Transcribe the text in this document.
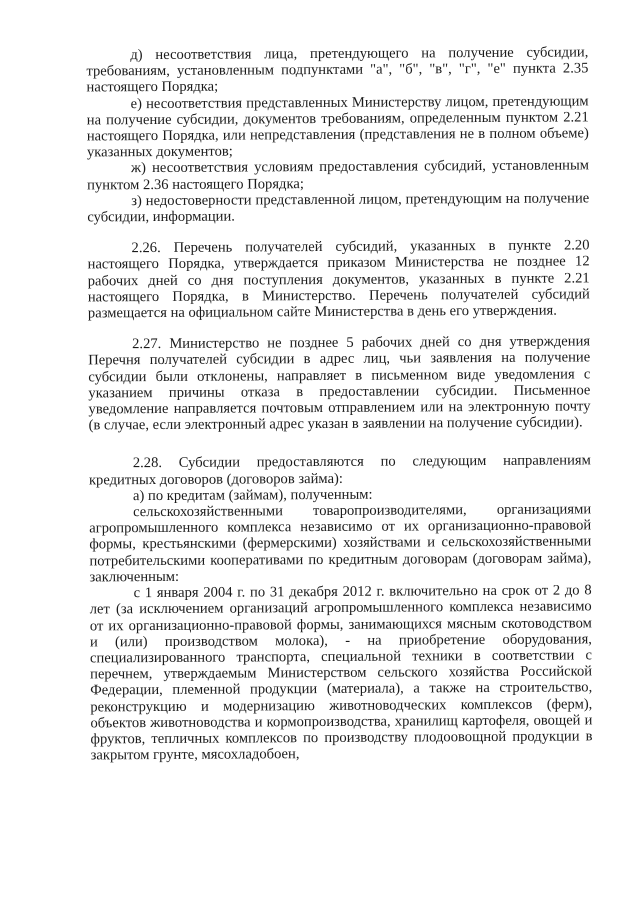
д) несоответствия лица, претендующего на получение субсидии, требованиям, установленным подпунктами "а", "б", "в", "г", "е" пункта 2.35 настоящего Порядка;

е) несоответствия представленных Министерству лицом, претендующим на получение субсидии, документов требованиям, определенным пунктом 2.21 настоящего Порядка, или непредставления (представления не в полном объеме) указанных документов;

ж) несоответствия условиям предоставления субсидий, установленным пунктом 2.36 настоящего Порядка;

з) недостоверности представленной лицом, претендующим на получение субсидии, информации.

2.26. Перечень получателей субсидий, указанных в пункте 2.20 настоящего Порядка, утверждается приказом Министерства не позднее 12 рабочих дней со дня поступления документов, указанных в пункте 2.21 настоящего Порядка, в Министерство. Перечень получателей субсидий размещается на официальном сайте Министерства в день его утверждения.

2.27. Министерство не позднее 5 рабочих дней со дня утверждения Перечня получателей субсидии в адрес лиц, чьи заявления на получение субсидии были отклонены, направляет в письменном виде уведомления с указанием причины отказа в предоставлении субсидии. Письменное уведомление направляется почтовым отправлением или на электронную почту (в случае, если электронный адрес указан в заявлении на получение субсидии).

2.28. Субсидии предоставляются по следующим направлениям кредитных договоров (договоров займа):

а) по кредитам (займам), полученным:

сельскохозяйственными товаропроизводителями, организациями агропромышленного комплекса независимо от их организационно-правовой формы, крестьянскими (фермерскими) хозяйствами и сельскохозяйственными потребительскими кооперативами по кредитным договорам (договорам займа), заключенным:

с 1 января 2004 г. по 31 декабря 2012 г. включительно на срок от 2 до 8 лет (за исключением организаций агропромышленного комплекса независимо от их организационно-правовой формы, занимающихся мясным скотоводством и (или) производством молока), - на приобретение оборудования, специализированного транспорта, специальной техники в соответствии с перечнем, утверждаемым Министерством сельского хозяйства Российской Федерации, племенной продукции (материала), а также на строительство, реконструкцию и модернизацию животноводческих комплексов (ферм), объектов животноводства и кормопроизводства, хранилищ картофеля, овощей и фруктов, тепличных комплексов по производству плодоовощной продукции в закрытом грунте, мясохладобоен,
